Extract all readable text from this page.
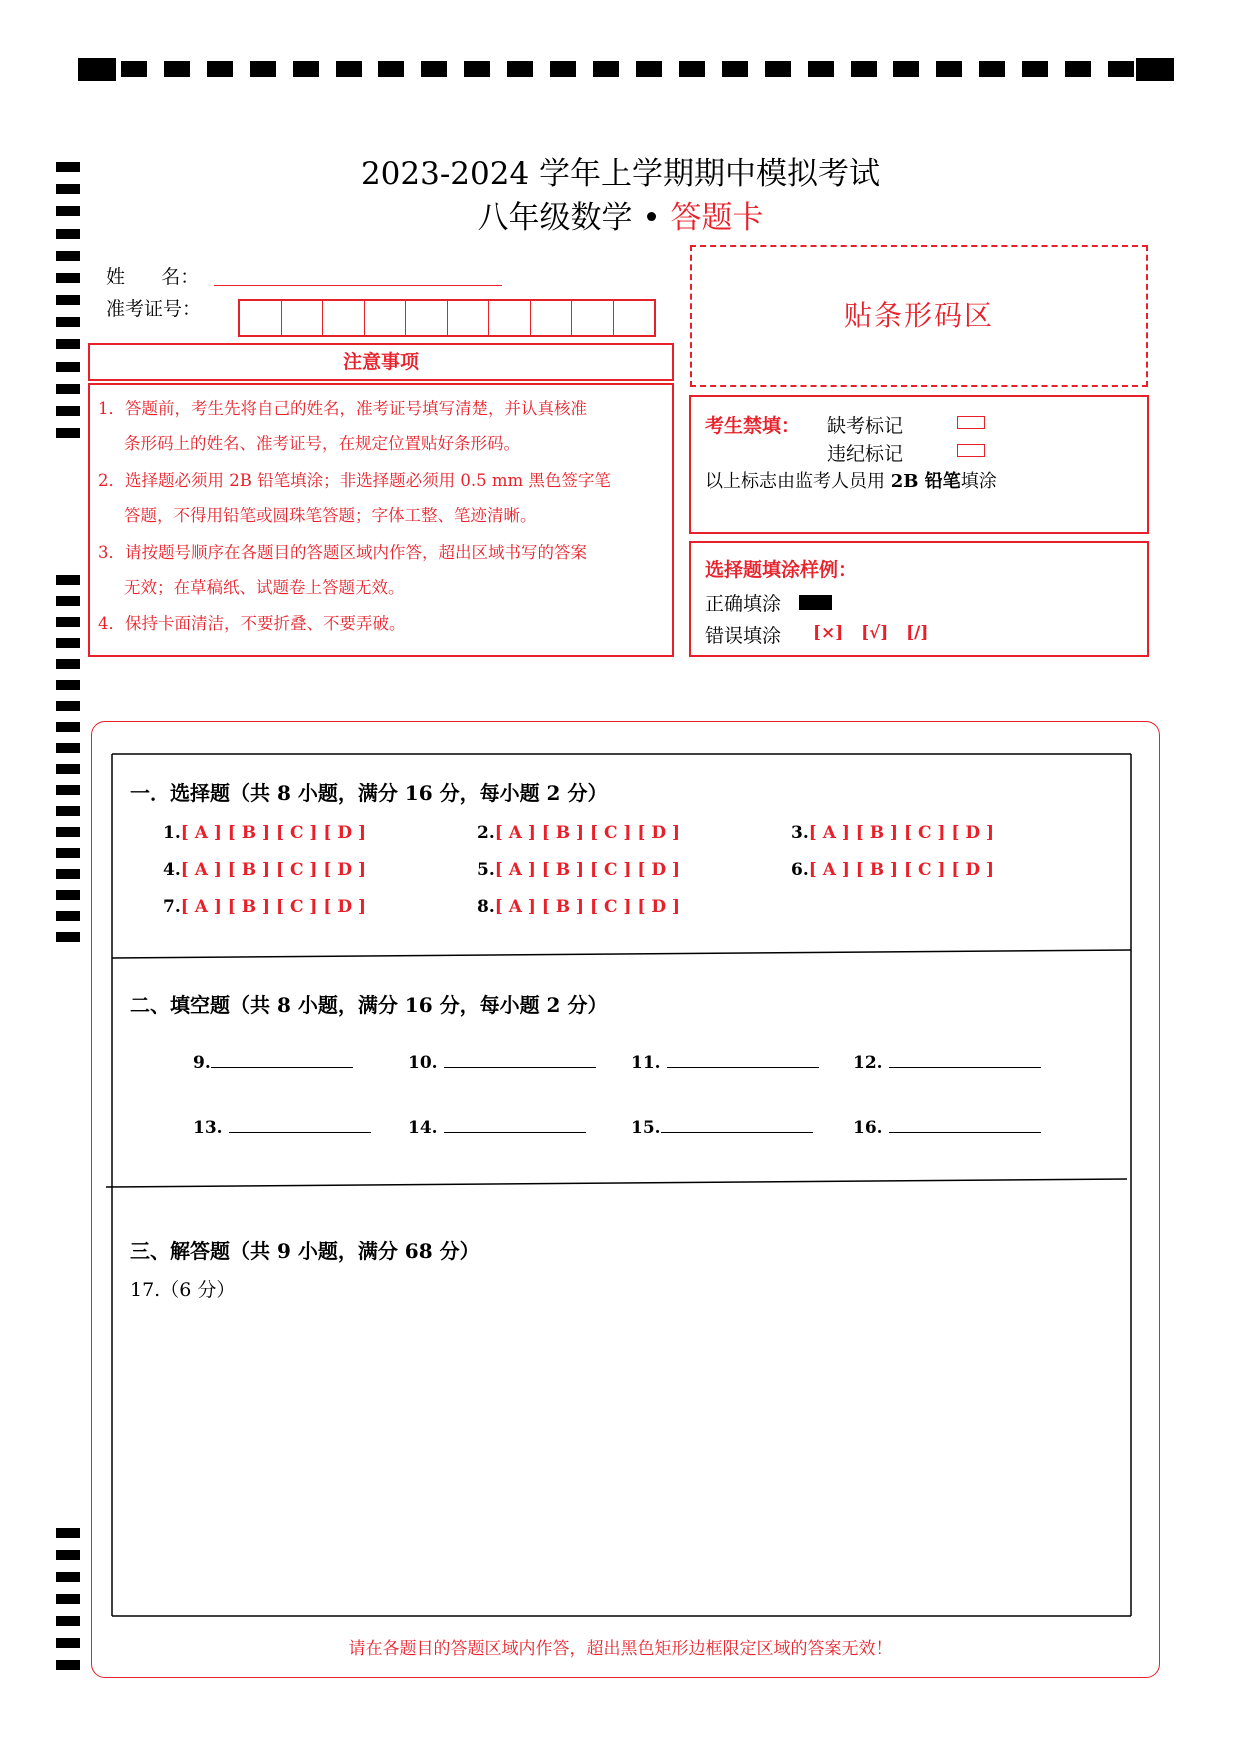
2023-2024 学年上学期期中模拟考试
八年级数学 • 答题卡
姓      名：
准考证号：
注意事项
1．答题前，考生先将自己的姓名，准考证号填写清楚，并认真核准
条形码上的姓名、准考证号，在规定位置贴好条形码。
2．选择题必须用 2B 铅笔填涂；非选择题必须用 0.5 mm 黑色签字笔
答题，不得用铅笔或圆珠笔答题；字体工整、笔迹清晰。
3．请按题号顺序在各题目的答题区域内作答，超出区域书写的答案
无效；在草稿纸、试题卷上答题无效。
4．保持卡面清洁，不要折叠、不要弄破。
贴条形码区
考生禁填： 缺考标记
违纪标记
以上标志由监考人员用 2B 铅笔填涂
选择题填涂样例：
正确填涂
错误填涂 [×]   [√]   [/]
一．选择题（共 8 小题，满分 16 分，每小题 2 分）
1.[ A ] [ B ] [ C ] [ D ]	2.[ A ] [ B ] [ C ] [ D ]	3.[ A ] [ B ] [ C ] [ D ]
4.[ A ] [ B ] [ C ] [ D ]	5.[ A ] [ B ] [ C ] [ D ]	6.[ A ] [ B ] [ C ] [ D ]
7.[ A ] [ B ] [ C ] [ D ]	8.[ A ] [ B ] [ C ] [ D ]
二、填空题（共 8 小题，满分 16 分，每小题 2 分）
9.	10.	11.	12.
13.	14.	15.	16.
三、解答题（共 9 小题，满分 68 分）
17.（6 分）
请在各题目的答题区域内作答，超出黑色矩形边框限定区域的答案无效！
